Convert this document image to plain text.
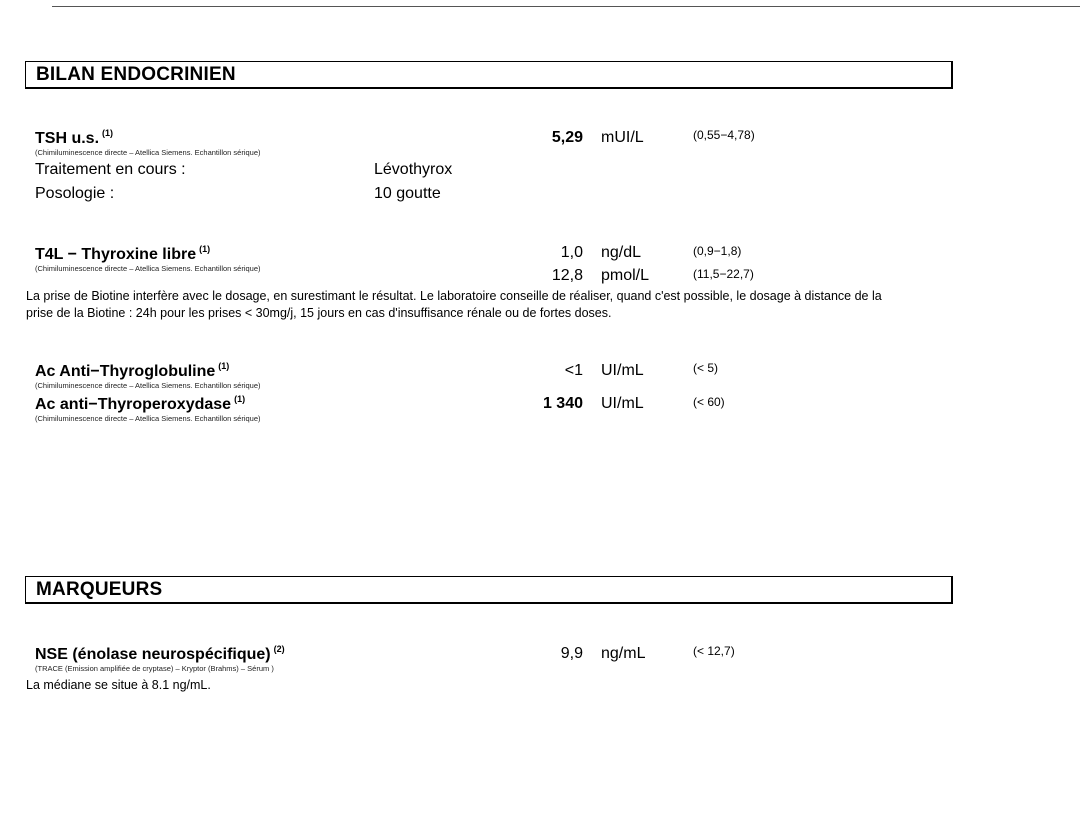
BILAN ENDOCRINIEN
TSH u.s. $^{(1)}$
(Chimiluminescence directe – Atellica Siemens. Echantillon sérique)
5,29 mUI/L	(0,55−4,78)
Traitement en cours :	Lévothyrox
Posologie :	10 goutte
T4L − Thyroxine libre $^{(1)}$
(Chimiluminescence directe – Atellica Siemens. Echantillon sérique)
1,0 ng/dL	(0,9−1,8)
12,8 pmol/L	(11,5−22,7)
La prise de Biotine interfère avec le dosage, en surestimant le résultat. Le laboratoire conseille de réaliser, quand c'est possible, le dosage à distance de la
prise de la Biotine : 24h pour les prises < 30mg/j, 15 jours en cas d'insuffisance rénale ou de fortes doses.
Ac Anti−Thyroglobuline $^{(1)}$
(Chimiluminescence directe – Atellica Siemens. Echantillon sérique)
<1 UI/mL	(< 5)
Ac anti−Thyroperoxydase $^{(1)}$
(Chimiluminescence directe – Atellica Siemens. Echantillon sérique)
1 340 UI/mL	(< 60)
MARQUEURS
NSE (énolase neurospécifique) $^{(2)}$
(TRACE (Emission amplifiée de cryptase) – Kryptor (Brahms) – Sérum )
9,9 ng/mL	(< 12,7)
La médiane se situe à 8.1 ng/mL.
